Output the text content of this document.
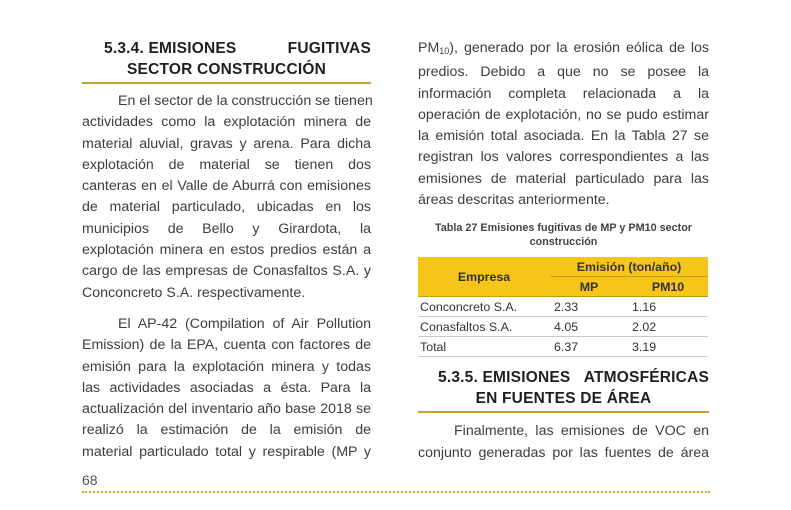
5.3.4. EMISIONES	FUGITIVAS
SECTOR CONSTRUCCIÓN
En el sector de la construcción se tienen
actividades como la explotación minera de
material aluvial, gravas y arena. Para dicha
explotación de material se tienen dos
canteras en el Valle de Aburrá con emisiones
de material particulado, ubicadas en los
municipios de Bello y Girardota, la
explotación minera en estos predios están a
cargo de las empresas de Conasfaltos S.A. y
Conconcreto S.A. respectivamente.
El AP-42 (Compilation of Air Pollution
Emission) de la EPA, cuenta con factores de
emisión para la explotación minera y todas
las actividades asociadas a ésta. Para la
actualización del inventario año base 2018 se
realizó la estimación de la emisión de
material particulado total y respirable (MP y
$PM_{10}$), generado por la erosión eólica de los
predios. Debido a que no se posee la
información completa relacionada a la
operación de explotación, no se pudo estimar
la emisión total asociada. En la Tabla 27 se
registran los valores correspondientes a las
emisiones de material particulado para las
áreas descritas anteriormente.
Tabla 27 Emisiones fugitivas de MP y PM10 sector
construcción
Empresa	Emisión (ton/año)	
	MP	PM10
Conconcreto S.A.	2.33	1.16
Conasfaltos S.A.	4.05	2.02
Total	6.37	3.19
5.3.5. EMISIONES ATMOSFÉRICAS
EN FUENTES DE ÁREA
Finalmente, las emisiones de VOC en
conjunto generadas por las fuentes de área
68
